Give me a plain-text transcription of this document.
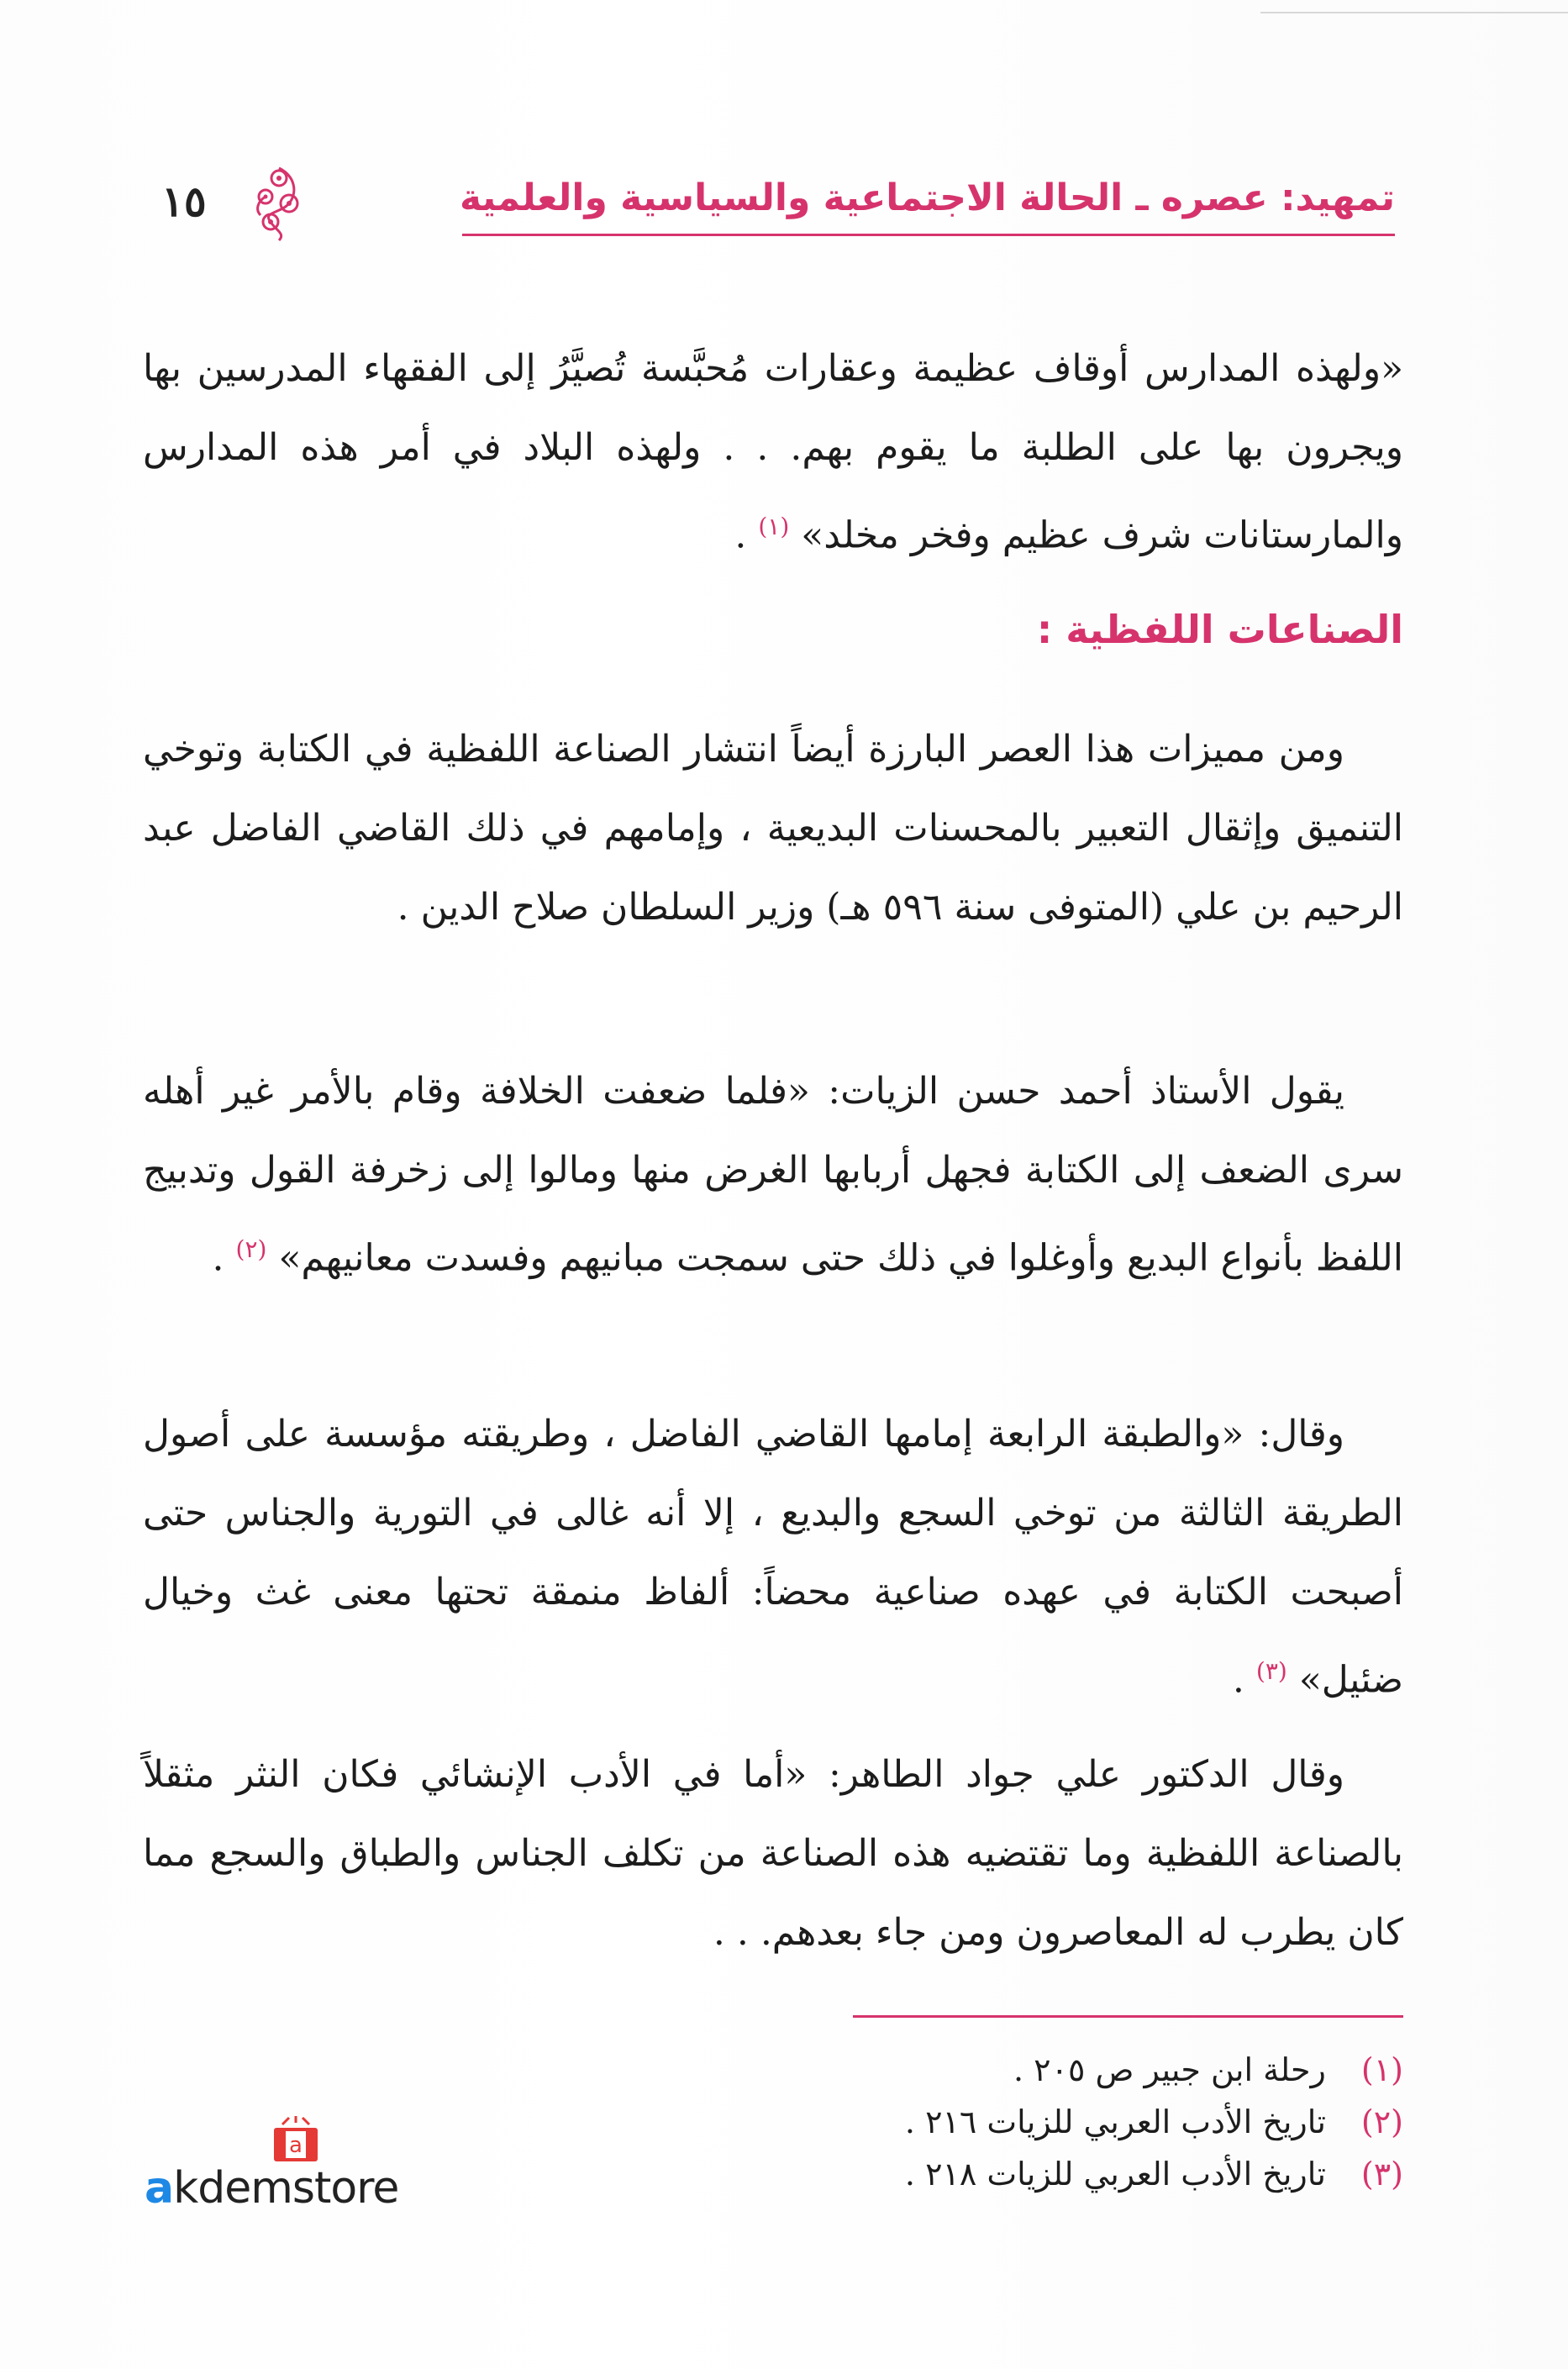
١٥	تمهيد: عصره ـ الحالة الاجتماعية والسياسية والعلمية

«ولهذه المدارس أوقاف عظيمة وعقارات مُحبَّسة تُصيَّرُ إلى الفقهاء المدرسين بها ويجرون بها على الطلبة ما يقوم بهم. . . ولهذه البلاد في أمر هذه المدارس والمارستانات شرف عظيم وفخر مخلد» $^{(١)}$ .

الصناعات اللفظية :

ومن مميزات هذا العصر البارزة أيضاً انتشار الصناعة اللفظية في الكتابة وتوخي التنميق وإثقال التعبير بالمحسنات البديعية ، وإمامهم في ذلك القاضي الفاضل عبد الرحيم بن علي (المتوفى سنة ٥٩٦ هـ) وزير السلطان صلاح الدين .

يقول الأستاذ أحمد حسن الزيات: «فلما ضعفت الخلافة وقام بالأمر غير أهله سرى الضعف إلى الكتابة فجهل أربابها الغرض منها ومالوا إلى زخرفة القول وتدبيج اللفظ بأنواع البديع وأوغلوا في ذلك حتى سمجت مبانيهم وفسدت معانيهم» $^{(٢)}$ .

وقال: «والطبقة الرابعة إمامها القاضي الفاضل ، وطريقته مؤسسة على أصول الطريقة الثالثة من توخي السجع والبديع ، إلا أنه غالى في التورية والجناس حتى أصبحت الكتابة في عهده صناعية محضاً: ألفاظ منمقة تحتها معنى غث وخيال ضئيل» $^{(٣)}$ .

وقال الدكتور علي جواد الطاهر: «أما في الأدب الإنشائي فكان النثر مثقلاً بالصناعة اللفظية وما تقتضيه هذه الصناعة من تكلف الجناس والطباق والسجع مما كان يطرب له المعاصرون ومن جاء بعدهم. . .

(١) رحلة ابن جبير ص ٢٠٥ .
(٢) تاريخ الأدب العربي للزيات ٢١٦ .
(٣) تاريخ الأدب العربي للزيات ٢١٨ .
a
akdemstore
